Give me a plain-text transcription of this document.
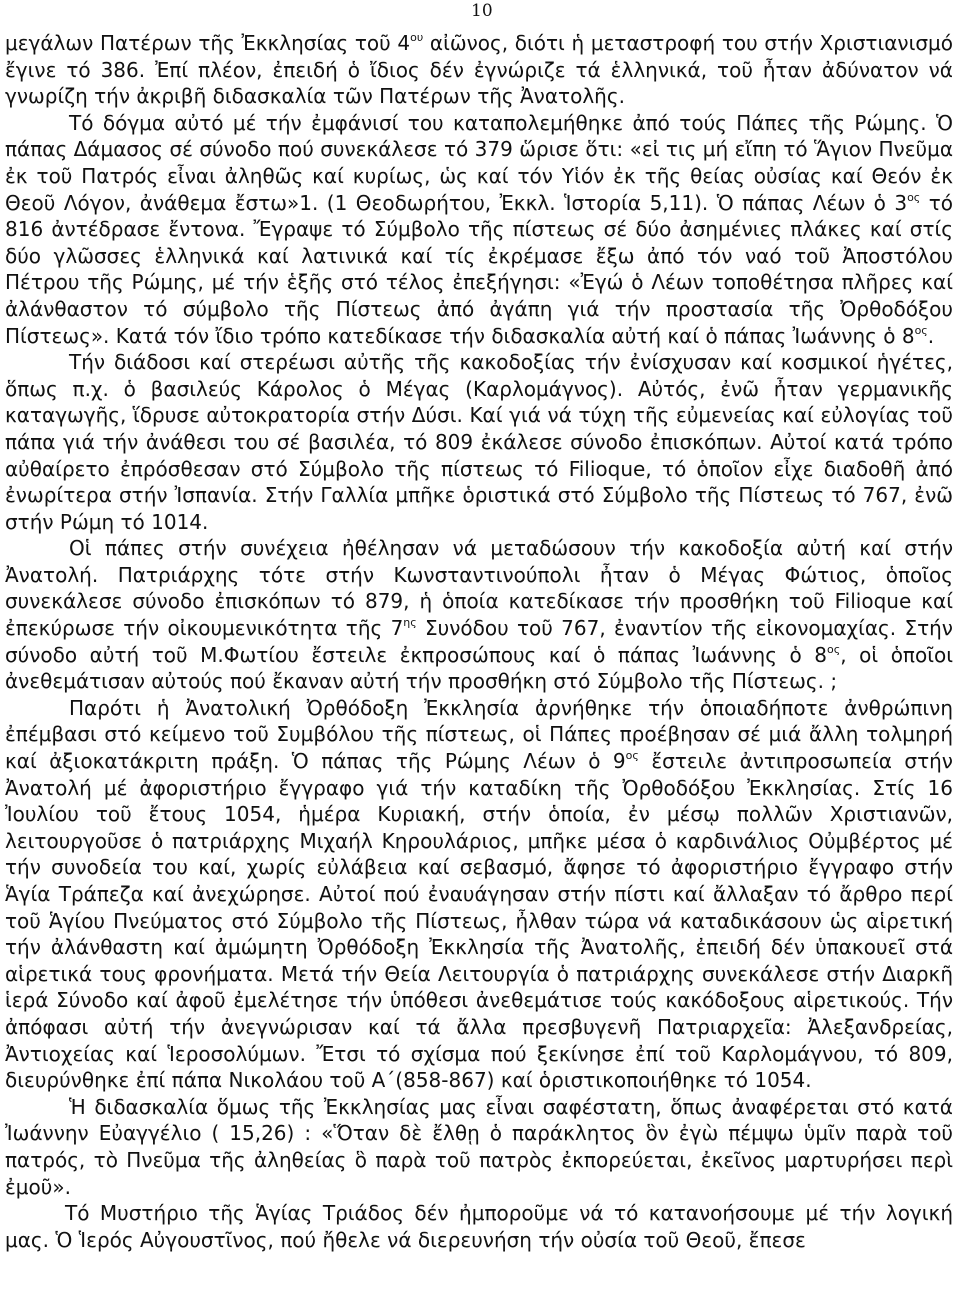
10

μεγάλων Πατέρων τῆς Ἐκκλησίας τοῦ $4^{o\upsilon}$ αἰῶνος, διότι ἡ μεταστροφή του στήν Χριστιανισμό ἔγινε τό 386. Ἐπί πλέον, ἐπειδή ὁ ἴδιος δέν ἐγνώριζε τά ἑλληνικά, τοῦ ἦταν ἀδύνατον νά γνωρίζη τήν ἀκριβῆ διδασκαλία τῶν Πατέρων τῆς Ἀνατολῆς.

Τό δόγμα αὐτό μέ τήν ἐμφάνισί του καταπολεμήθηκε ἀπό τούς Πάπες τῆς Ρώμης. Ὁ πάπας Δάμασος σέ σύνοδο πού συνεκάλεσε τό 379 ὥρισε ὅτι: «εἰ τις μή εἴπη τό Ἅγιον Πνεῦμα ἐκ τοῦ Πατρός εἶναι ἀληθῶς καί κυρίως, ὡς καί τόν Υἱόν ἐκ τῆς θείας οὐσίας καί Θεόν ἐκ Θεοῦ Λόγον, ἀνάθεμα ἔστω»1. (1 Θεοδωρήτου, Ἐκκλ. Ἱστορία 5,11). Ὁ πάπας Λέων ὁ $3^{o\varsigma}$ τό 816 ἀντέδρασε ἔντονα. Ἔγραψε τό Σύμβολο τῆς πίστεως σέ δύο ἀσημένιες πλάκες καί στίς δύο γλῶσσες ἑλληνικά καί λατινικά καί τίς ἐκρέμασε ἔξω ἀπό τόν ναό τοῦ Ἀποστόλου Πέτρου τῆς Ρώμης, μέ τήν ἑξῆς στό τέλος ἐπεξήγησι: «Ἐγώ ὁ Λέων τοποθέτησα πλῆρες καί ἀλάνθαστον τό σύμβολο τῆς Πίστεως ἀπό ἀγάπη γιά τήν προστασία τῆς Ὀρθοδόξου Πίστεως». Κατά τόν ἴδιο τρόπο κατεδίκασε τήν διδασκαλία αὐτή καί ὁ πάπας Ἰωάννης ὁ $8^{o\varsigma}$.

Τήν διάδοσι καί στερέωσι αὐτῆς τῆς κακοδοξίας τήν ἐνίσχυσαν καί κοσμικοί ἡγέτες, ὅπως π.χ. ὁ βασιλεύς Κάρολος ὁ Μέγας (Καρλομάγνος). Αὐτός, ἐνῶ ἦταν γερμανικῆς καταγωγῆς, ἵδρυσε αὐτοκρατορία στήν Δύσι. Καί γιά νά τύχη τῆς εὐμενείας καί εὐλογίας τοῦ πάπα γιά τήν ἀνάθεσι του σέ βασιλέα, τό 809 ἐκάλεσε σύνοδο ἐπισκόπων. Αὐτοί κατά τρόπο αὐθαίρετο ἐπρόσθεσαν στό Σύμβολο τῆς πίστεως τό Filioque, τό ὁποῖον εἶχε διαδοθῆ ἀπό ἐνωρίτερα στήν Ἰσπανία. Στήν Γαλλία μπῆκε ὁριστικά στό Σύμβολο τῆς Πίστεως τό 767, ἐνῶ στήν Ρώμη τό 1014.

Οἱ πάπες στήν συνέχεια ἠθέλησαν νά μεταδώσουν τήν κακοδοξία αὐτή καί στήν Ἀνατολή. Πατριάρχης τότε στήν Κωνσταντινούπολι ἦταν ὁ Μέγας Φώτιος, ὁποῖος συνεκάλεσε σύνοδο ἐπισκόπων τό 879, ἡ ὁποία κατεδίκασε τήν προσθήκη τοῦ Filioque καί ἐπεκύρωσε τήν οἰκουμενικότητα τῆς $7^{\eta\varsigma}$ Συνόδου τοῦ 767, ἐναντίον τῆς εἰκονομαχίας. Στήν σύνοδο αὐτή τοῦ Μ.Φωτίου ἔστειλε ἐκπροσώπους καί ὁ πάπας Ἰωάννης ὁ $8^{o\varsigma}$, οἱ ὁποῖοι ἀνεθεμάτισαν αὐτούς πού ἔκαναν αὐτή τήν προσθήκη στό Σύμβολο τῆς Πίστεως. ;

Παρότι ἡ Ἀνατολική Ὀρθόδοξη Ἐκκλησία ἀρνήθηκε τήν ὁποιαδήποτε ἀνθρώπινη ἐπέμβασι στό κείμενο τοῦ Συμβόλου τῆς πίστεως, οἱ Πάπες προέβησαν σέ μιά ἄλλη τολμηρή καί ἀξιοκατάκριτη πράξη. Ὁ πάπας τῆς Ρώμης Λέων ὁ $9^{o\varsigma}$ ἔστειλε ἀντιπροσωπεία στήν Ἀνατολή μέ ἀφοριστήριο ἔγγραφο γιά τήν καταδίκη τῆς Ὀρθοδόξου Ἐκκλησίας. Στίς 16 Ἰουλίου τοῦ ἔτους 1054, ἡμέρα Κυριακή, στήν ὁποία, ἐν μέσῳ πολλῶν Χριστιανῶν, λειτουργοῦσε ὁ πατριάρχης Μιχαήλ Κηρουλάριος, μπῆκε μέσα ὁ καρδινάλιος Οὐμβέρτος μέ τήν συνοδεία του καί, χωρίς εὐλάβεια καί σεβασμό, ἄφησε τό ἀφοριστήριο ἔγγραφο στήν Ἁγία Τράπεζα καί ἀνεχώρησε. Αὐτοί πού ἐναυάγησαν στήν πίστι καί ἄλλαξαν τό ἄρθρο περί τοῦ Ἁγίου Πνεύματος στό Σύμβολο τῆς Πίστεως, ἦλθαν τώρα νά καταδικάσουν ὡς αἱρετική τήν ἀλάνθαστη καί ἀμώμητη Ὀρθόδοξη Ἐκκλησία τῆς Ἀνατολῆς, ἐπειδή δέν ὑπακουεῖ στά αἱρετικά τους φρονήματα. Μετά τήν Θεία Λειτουργία ὁ πατριάρχης συνεκάλεσε στήν Διαρκῆ ἱερά Σύνοδο καί ἀφοῦ ἐμελέτησε τήν ὑπόθεσι ἀνεθεμάτισε τούς κακόδοξους αἱρετικούς. Τήν ἀπόφασι αὐτή τήν ἀνεγνώρισαν καί τά ἄλλα πρεσβυγενῆ Πατριαρχεῖα: Ἀλεξανδρείας, Ἀντιοχείας καί Ἱεροσολύμων. Ἔτσι τό σχίσμα πού ξεκίνησε ἐπί τοῦ Καρλομάγνου, τό 809, διευρύνθηκε ἐπί πάπα Νικολάου τοῦ Α΄(858-867) καί ὁριστικοποιήθηκε τό 1054.

Ἡ διδασκαλία ὅμως τῆς Ἐκκλησίας μας εἶναι σαφέστατη, ὅπως ἀναφέρεται στό κατά Ἰωάννην Εὐαγγέλιο ( 15,26) : «Ὅταν δὲ ἔλθῃ ὁ παράκλητος ὃν ἐγὼ πέμψω ὑμῖν παρὰ τοῦ πατρός, τὸ Πνεῦμα τῆς ἀληθείας ὃ παρὰ τοῦ πατρὸς ἐκπορεύεται, ἐκεῖνος μαρτυρήσει περὶ ἐμοῦ».

Τό Μυστήριο τῆς Ἁγίας Τριάδος δέν ἠμποροῦμε νά τό κατανοήσουμε μέ τήν λογική μας. Ὁ Ἱερός Αὐγουστῖνος, πού ἤθελε νά διερευνήση τήν οὐσία τοῦ Θεοῦ, ἔπεσε
